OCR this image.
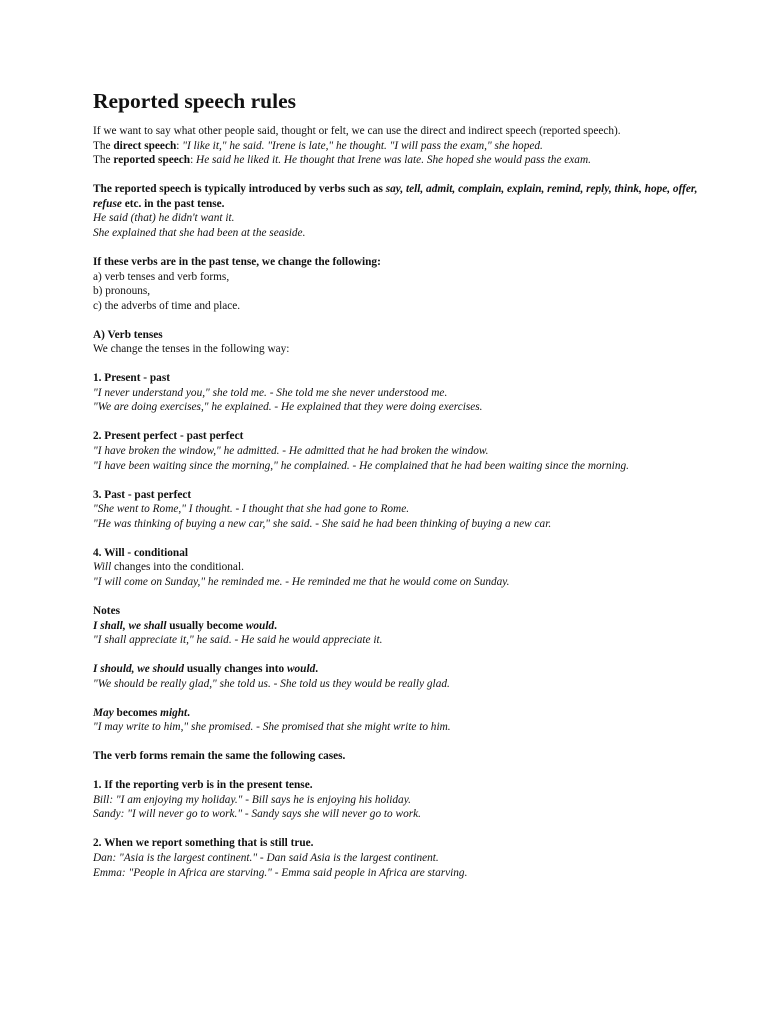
Reported speech rules

If we want to say what other people said, thought or felt, we can use the direct and indirect speech (reported speech).

The direct speech: "I like it," he said. "Irene is late," he thought. "I will pass the exam," she hoped.

The reported speech: He said he liked it. He thought that Irene was late. She hoped she would pass the exam.

The reported speech is typically introduced by verbs such as say, tell, admit, complain, explain, remind, reply, think, hope, offer, refuse etc. in the past tense.

He said (that) he didn't want it.

She explained that she had been at the seaside.

If these verbs are in the past tense, we change the following:

a) verb tenses and verb forms,

b) pronouns,

c) the adverbs of time and place.

A) Verb tenses

We change the tenses in the following way:

1. Present - past

"I never understand you," she told me. - She told me she never understood me.

"We are doing exercises," he explained. - He explained that they were doing exercises.

2. Present perfect - past perfect

"I have broken the window," he admitted. - He admitted that he had broken the window.

"I have been waiting since the morning," he complained. - He complained that he had been waiting since the morning.

3. Past - past perfect

"She went to Rome," I thought. - I thought that she had gone to Rome.

"He was thinking of buying a new car," she said. - She said he had been thinking of buying a new car.

4. Will - conditional

Will changes into the conditional.

"I will come on Sunday," he reminded me. - He reminded me that he would come on Sunday.

Notes

I shall, we shall usually become would.

"I shall appreciate it," he said. - He said he would appreciate it.

I should, we should usually changes into would.

"We should be really glad," she told us. - She told us they would be really glad.

May becomes might.

"I may write to him," she promised. - She promised that she might write to him.

The verb forms remain the same the following cases.

1. If the reporting verb is in the present tense.

Bill: "I am enjoying my holiday." - Bill says he is enjoying his holiday.

Sandy: "I will never go to work." - Sandy says she will never go to work.

2. When we report something that is still true.

Dan: "Asia is the largest continent." - Dan said Asia is the largest continent.

Emma: "People in Africa are starving." - Emma said people in Africa are starving.
